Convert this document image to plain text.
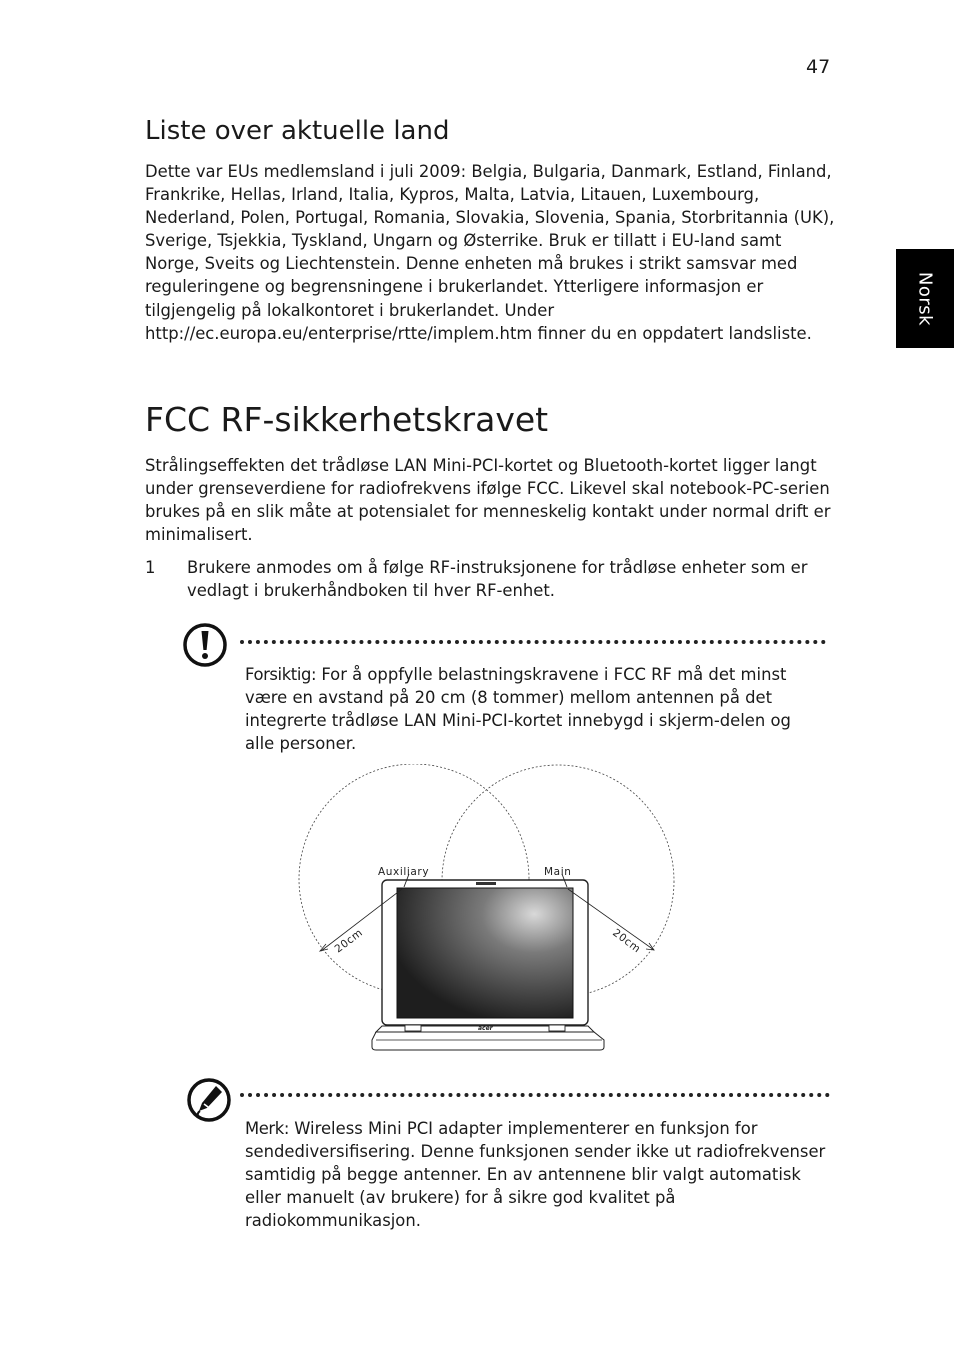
47
Norsk
Liste over aktuelle land

Dette var EUs medlemsland i juli 2009: Belgia, Bulgaria, Danmark, Estland, Finland, Frankrike, Hellas, Irland, Italia, Kypros, Malta, Latvia, Litauen, Luxembourg, Nederland, Polen, Portugal, Romania, Slovakia, Slovenia, Spania, Storbritannia (UK), Sverige, Tsjekkia, Tyskland, Ungarn og Østerrike. Bruk er tillatt i EU-land samt Norge, Sveits og Liechtenstein. Denne enheten må brukes i strikt samsvar med reguleringene og begrensningene i brukerlandet. Ytterligere informasjon er tilgjengelig på lokalkontoret i brukerlandet. Under http://ec.europa.eu/enterprise/rtte/implem.htm finner du en oppdatert landsliste.

FCC RF-sikkerhetskravet

Strålingseffekten det trådløse LAN Mini-PCI-kortet og Bluetooth-kortet ligger langt under grenseverdiene for radiofrekvens ifølge FCC. Likevel skal notebook-PC-serien brukes på en slik måte at potensialet for menneskelig kontakt under normal drift er minimalisert.

1 Brukere anmodes om å følge RF-instruksjonene for trådløse enheter som er vedlagt i brukerhåndboken til hver RF-enhet.

Forsiktig: For å oppfylle belastningskravene i FCC RF må det minst være en avstand på 20 cm (8 tommer) mellom antennen på det integrerte trådløse LAN Mini-PCI-kortet innebygd i skjerm-delen og alle personer.

Auxiliary	Main
20cm	20cm
acer

Merk: Wireless Mini PCI adapter implementerer en funksjon for sendediversifisering. Denne funksjonen sender ikke ut radiofrekvenser samtidig på begge antenner. En av antennene blir valgt automatisk eller manuelt (av brukere) for å sikre god kvalitet på radiokommunikasjon.
